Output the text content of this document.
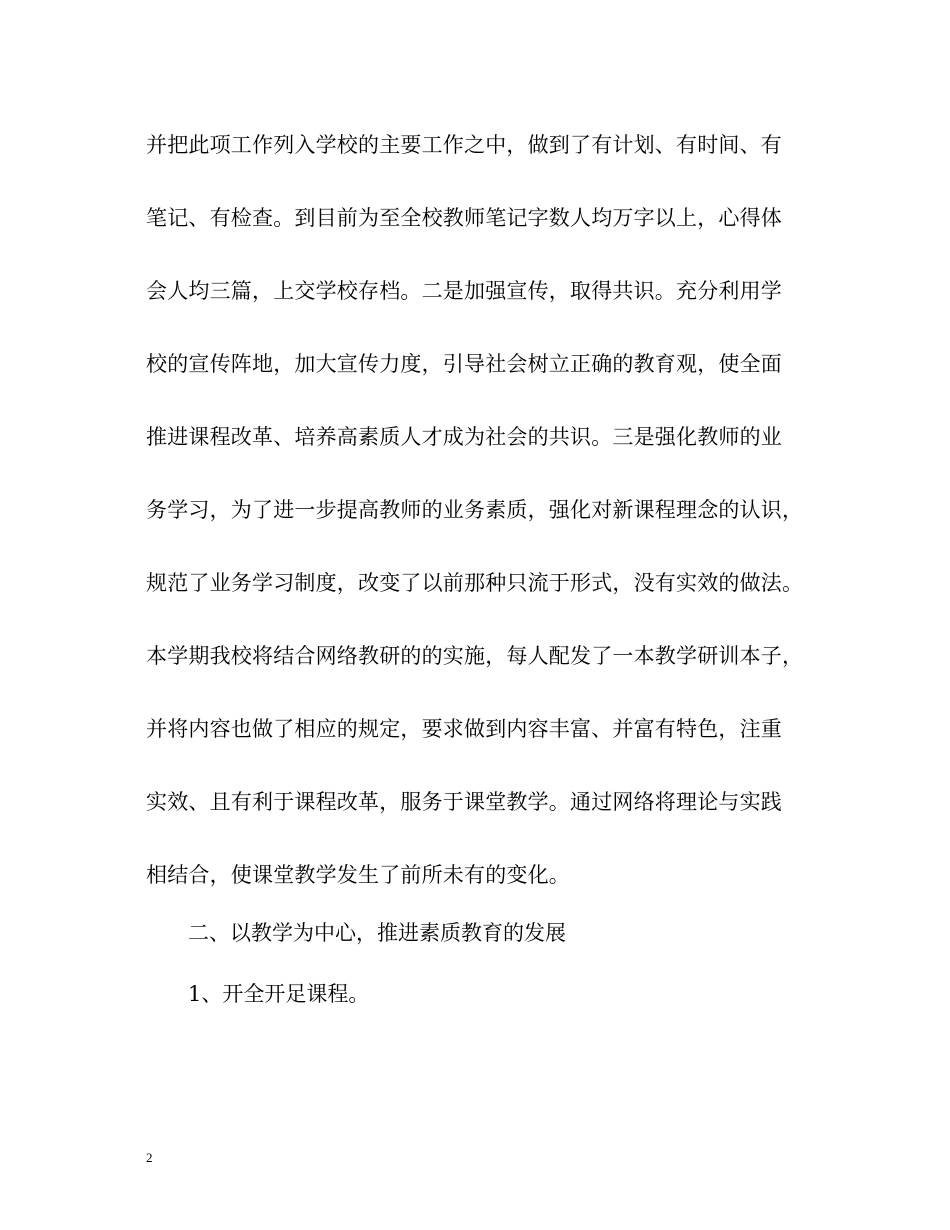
并把此项工作列入学校的主要工作之中，做到了有计划、有时间、有
笔记、有检查。到目前为至全校教师笔记字数人均万字以上，心得体
会人均三篇，上交学校存档。二是加强宣传，取得共识。充分利用学
校的宣传阵地，加大宣传力度，引导社会树立正确的教育观，使全面
推进课程改革、培养高素质人才成为社会的共识。三是强化教师的业
务学习，为了进一步提高教师的业务素质，强化对新课程理念的认识，
规范了业务学习制度，改变了以前那种只流于形式，没有实效的做法。
本学期我校将结合网络教研的的实施，每人配发了一本教学研训本子，
并将内容也做了相应的规定，要求做到内容丰富、并富有特色，注重
实效、且有利于课程改革，服务于课堂教学。通过网络将理论与实践
相结合，使课堂教学发生了前所未有的变化。
二、以教学为中心，推进素质教育的发展
1、开全开足课程。
2
